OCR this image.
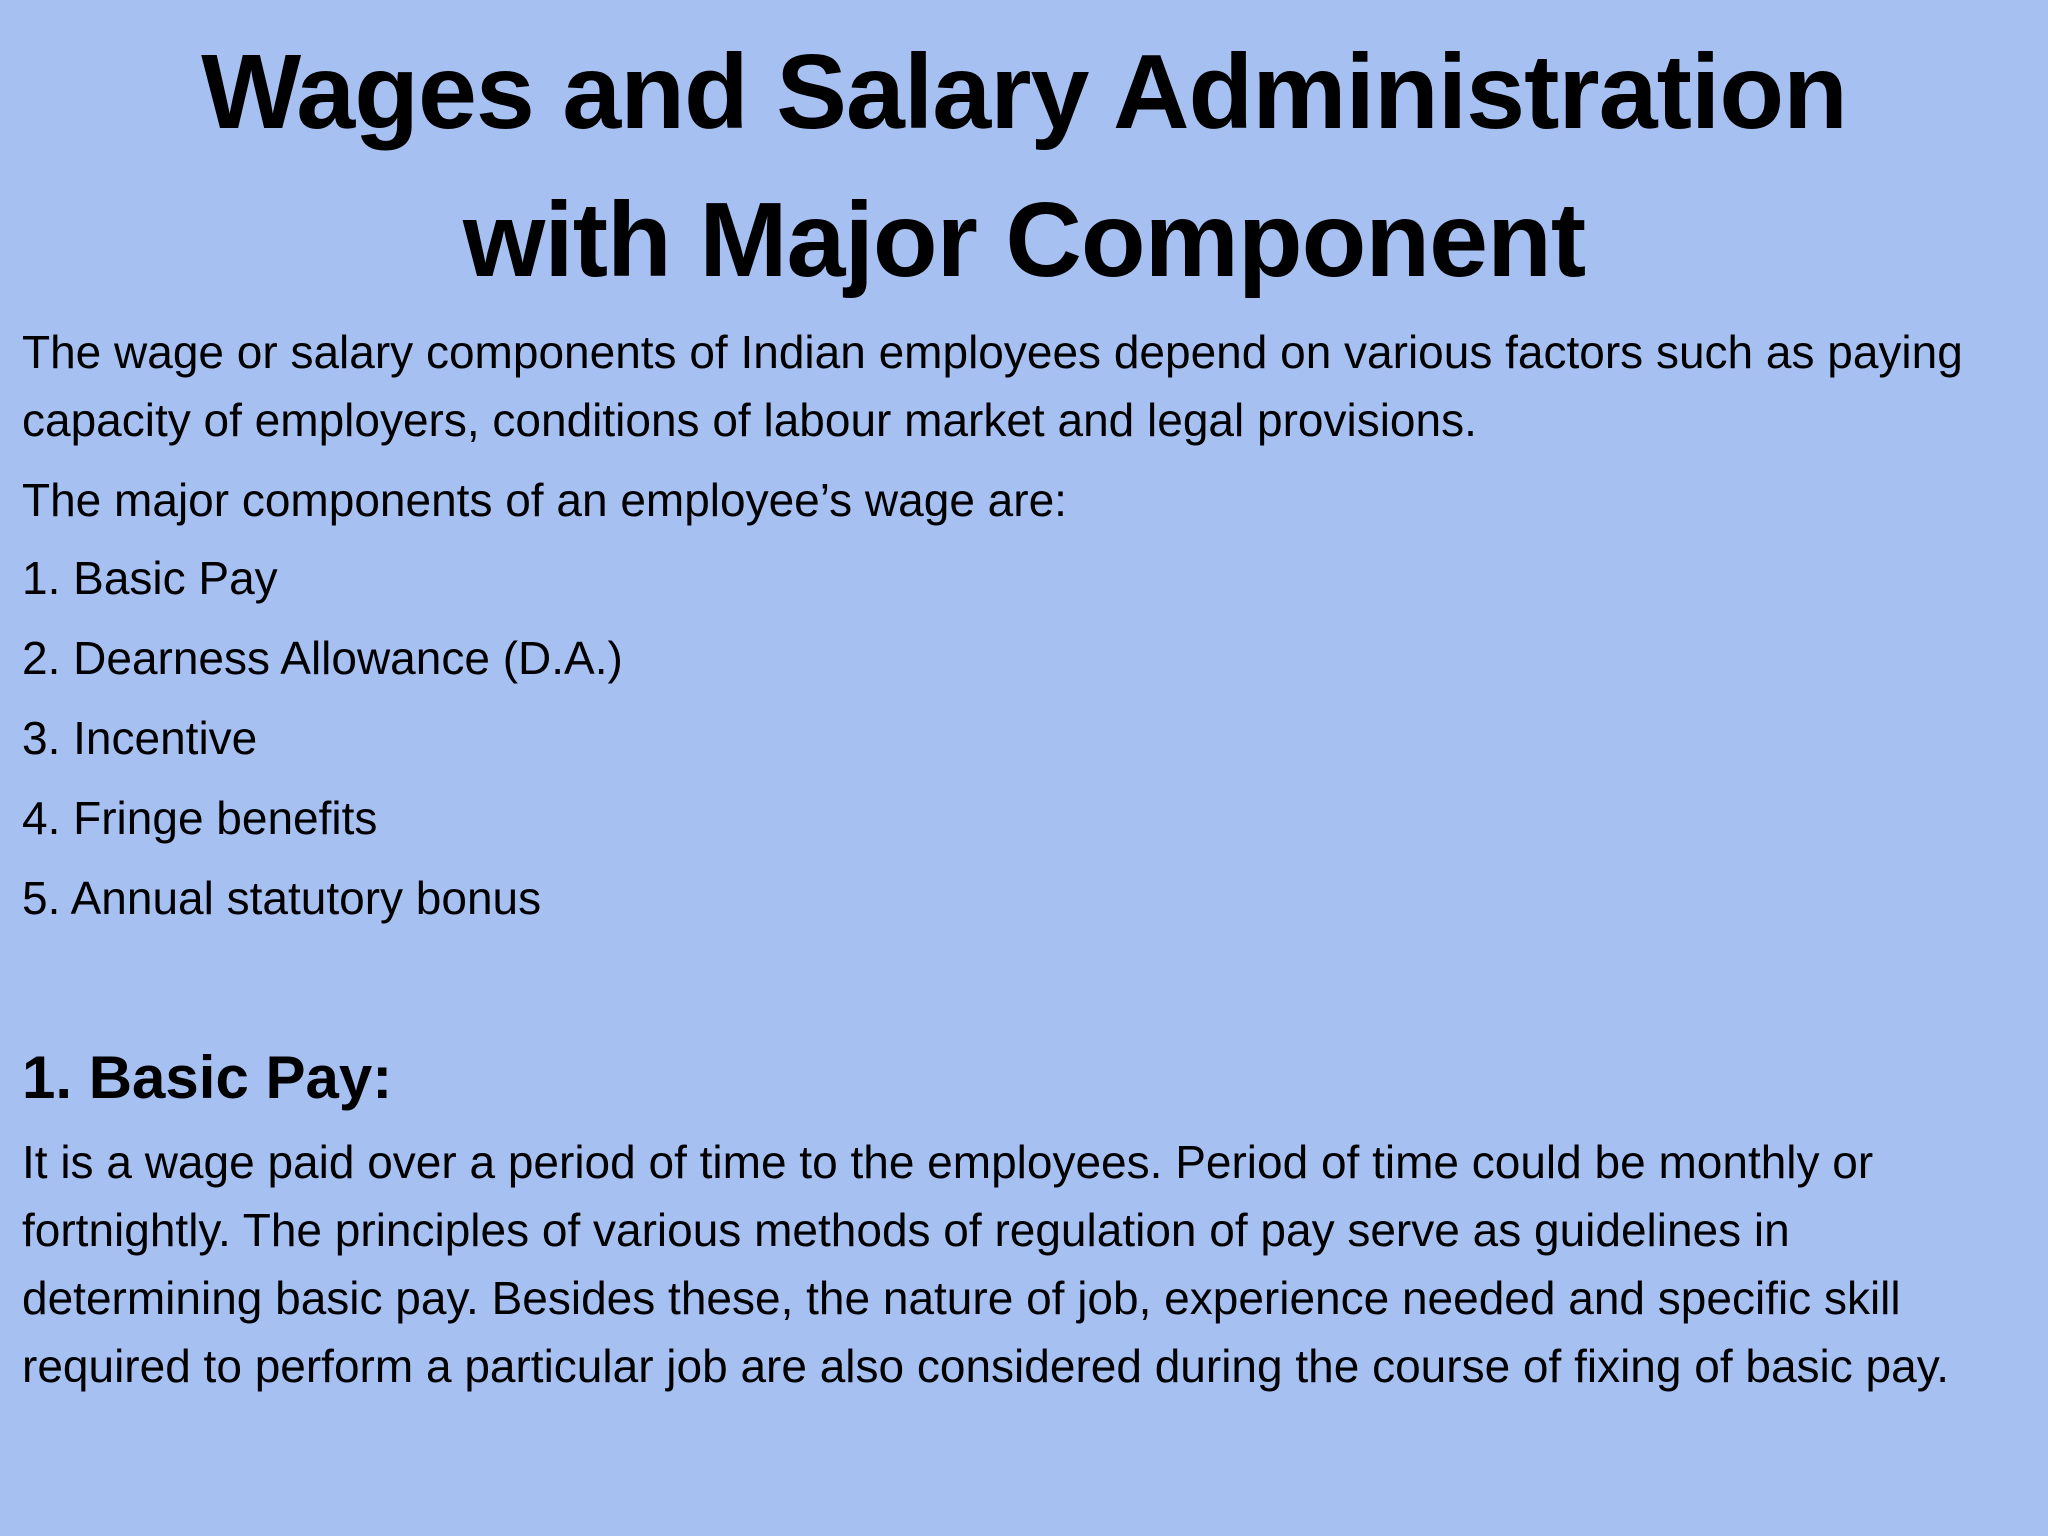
Wages and Salary Administration
with Major Component

The wage or salary components of Indian employees depend on various factors such as paying capacity of employers, conditions of labour market and legal provisions.

The major components of an employee’s wage are:

1. Basic Pay
2. Dearness Allowance (D.A.)
3. Incentive
4. Fringe benefits
5. Annual statutory bonus
1. Basic Pay:

It is a wage paid over a period of time to the employees. Period of time could be monthly or fortnightly. The principles of various methods of regulation of pay serve as guidelines in determining basic pay. Besides these, the nature of job, experience needed and specific skill required to perform a particular job are also considered during the course of fixing of basic pay.
